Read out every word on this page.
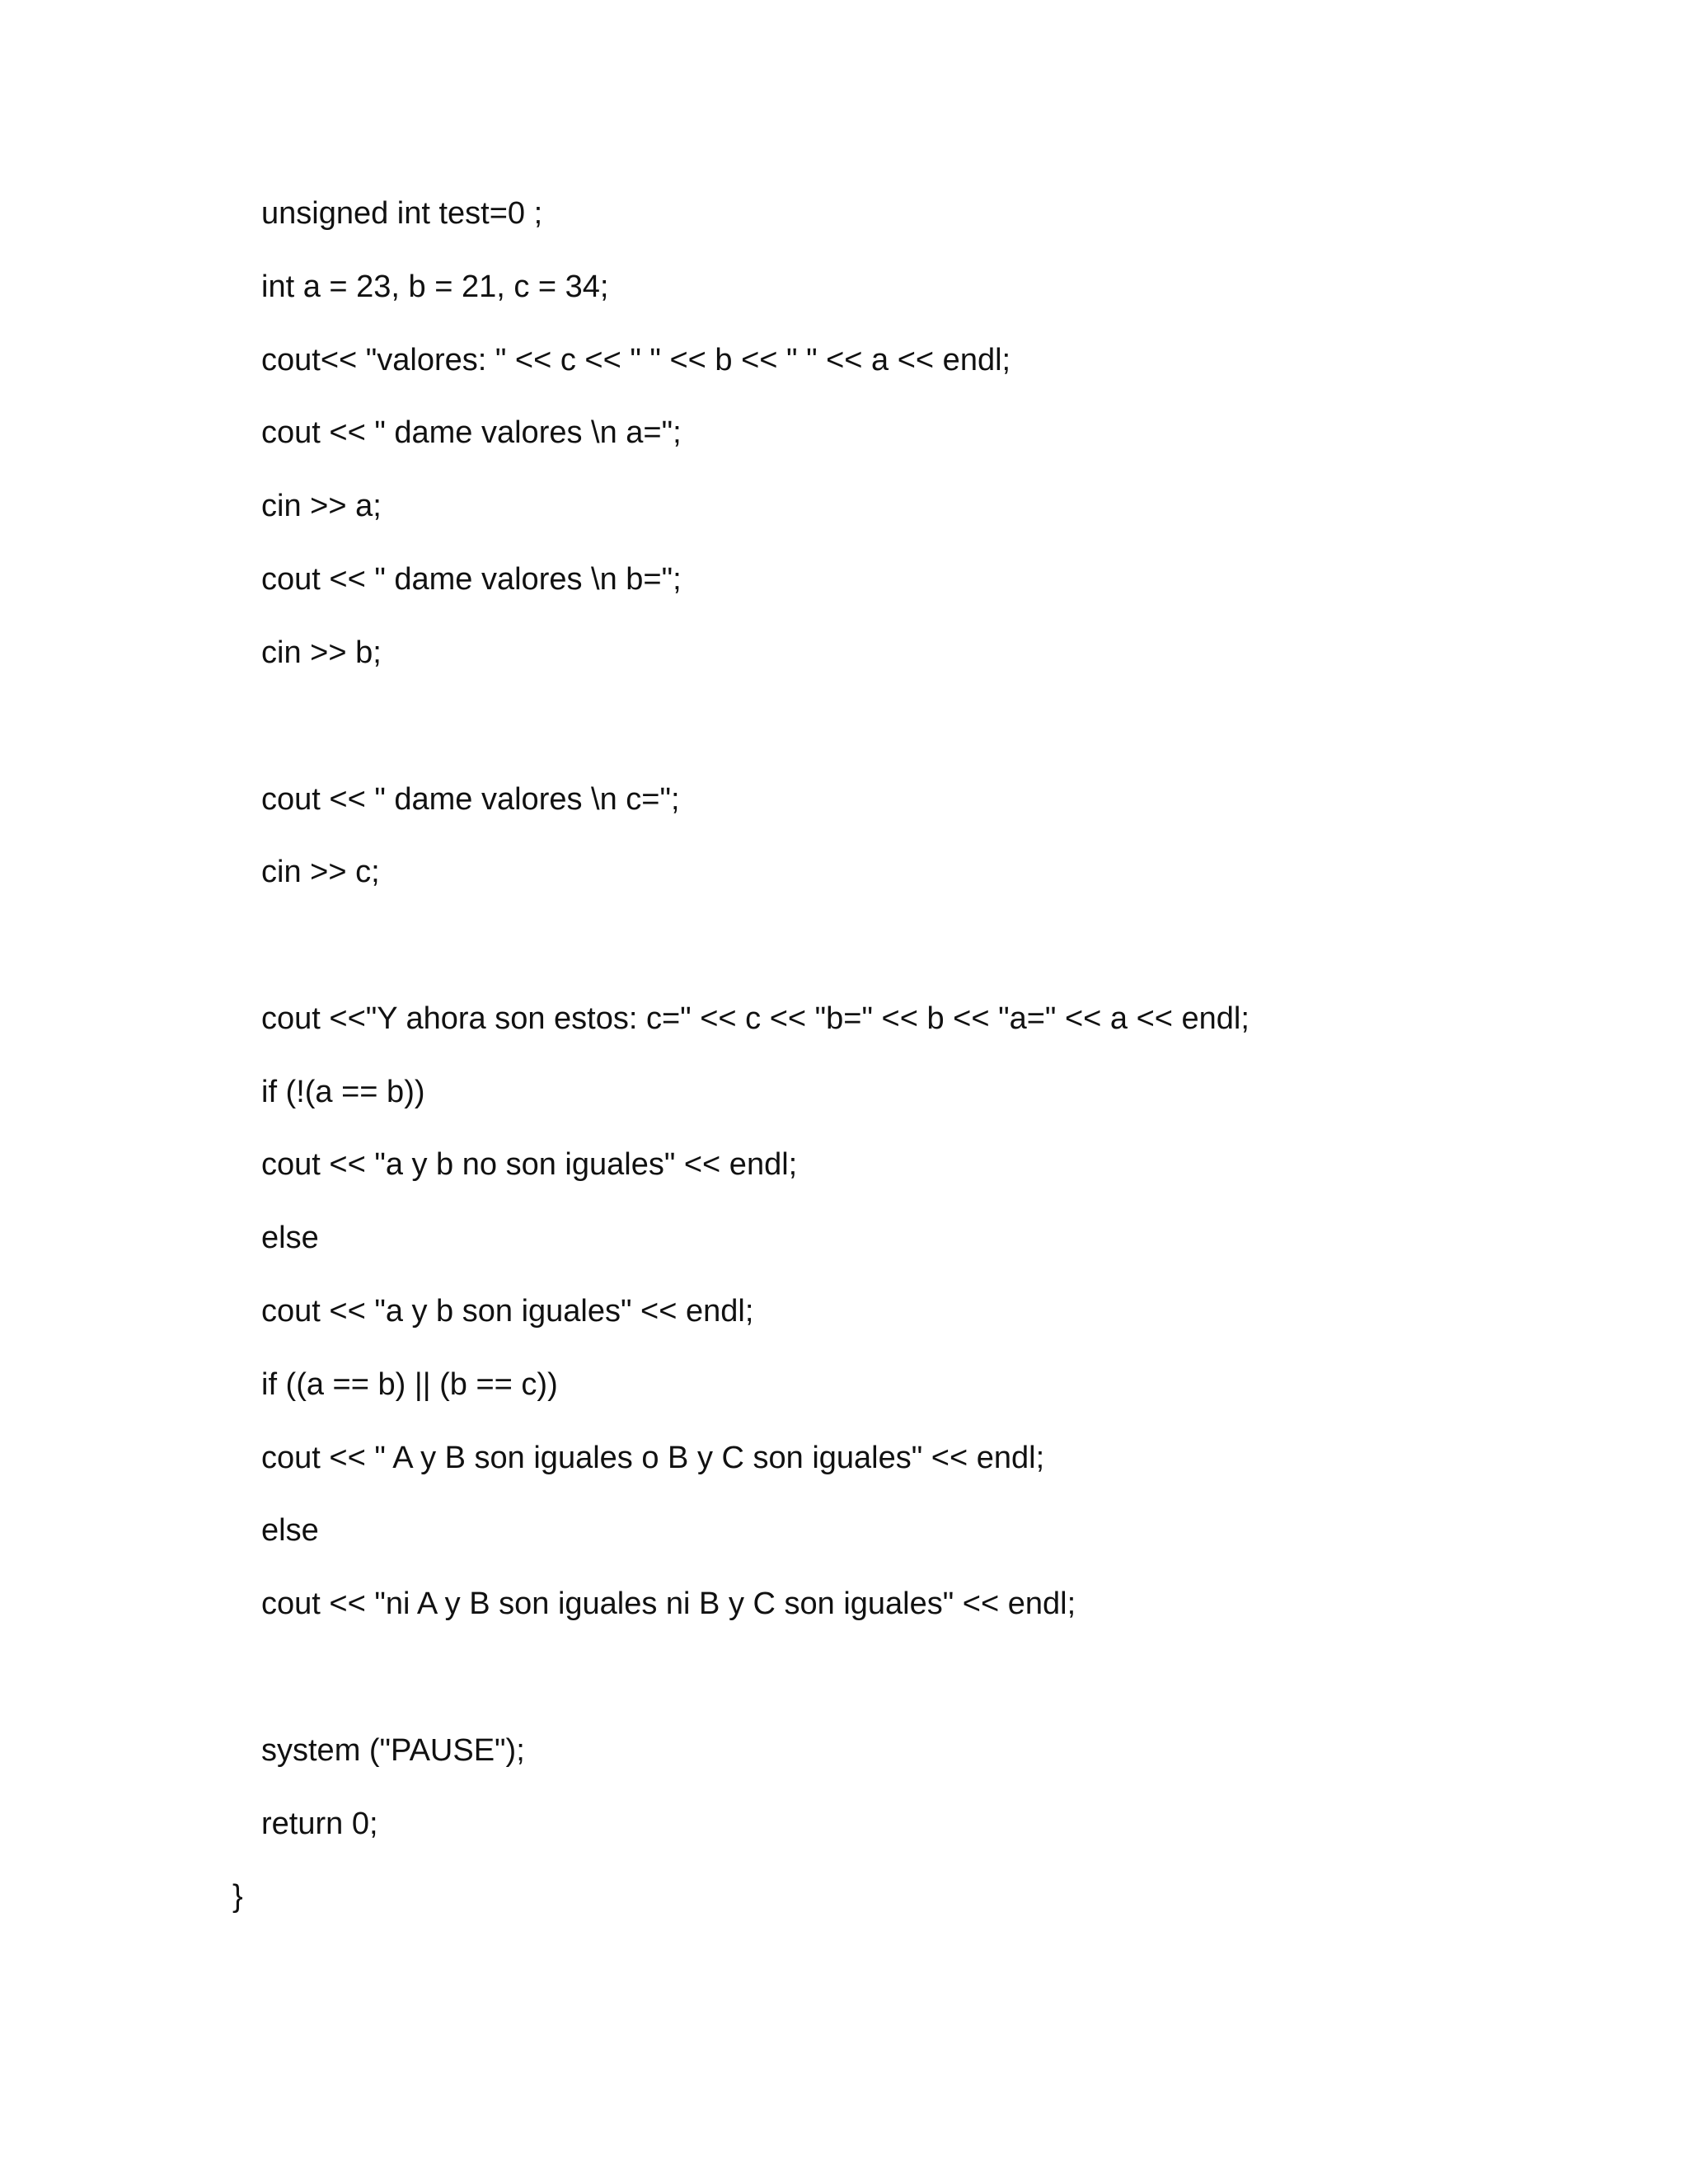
unsigned int test=0 ;
int a = 23, b = 21, c = 34;
cout<< "valores: " << c << " " << b << " " << a << endl;
cout << " dame valores \n a=";
cin >> a;
cout << " dame valores \n b=";
cin >> b;
cout << " dame valores \n c=";
cin >> c;
cout <<"Y ahora son estos: c=" << c << "b=" << b << "a=" << a << endl;
if (!(a == b))
cout << "a y b no son iguales" << endl;
else
cout << "a y b son iguales" << endl;
if ((a == b) || (b == c))
cout << " A y B son iguales o B y C son iguales" << endl;
else
cout << "ni A y B son iguales ni B y C son iguales" << endl;
system ("PAUSE");
return 0;
}
